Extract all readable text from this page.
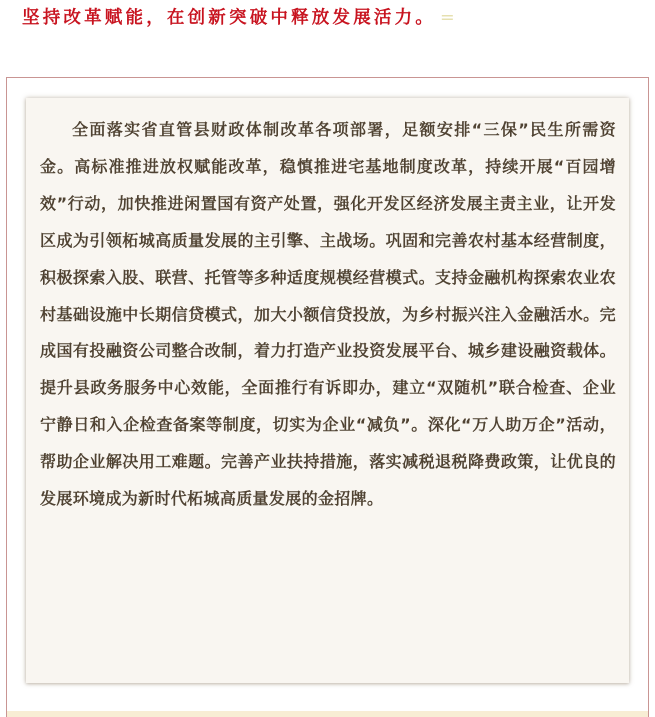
坚持改革赋能，在创新突破中释放发展活力。 =

全面落实省直管县财政体制改革各项部署，足额安排“三保”民生所需资金。高标准推进放权赋能改革，稳慎推进宅基地制度改革，持续开展“百园增效”行动，加快推进闲置国有资产处置，强化开发区经济发展主责主业，让开发区成为引领柘城高质量发展的主引擎、主战场。巩固和完善农村基本经营制度，积极探索入股、联营、托管等多种适度规模经营模式。支持金融机构探索农业农村基础设施中长期信贷模式，加大小额信贷投放，为乡村振兴注入金融活水。完成国有投融资公司整合改制，着力打造产业投资发展平台、城乡建设融资载体。提升县政务服务中心效能，全面推行有诉即办，建立“双随机”联合检查、企业宁静日和入企检查备案等制度，切实为企业“减负”。深化“万人助万企”活动，帮助企业解决用工难题。完善产业扶持措施，落实减税退税降费政策，让优良的发展环境成为新时代柘城高质量发展的金招牌。
